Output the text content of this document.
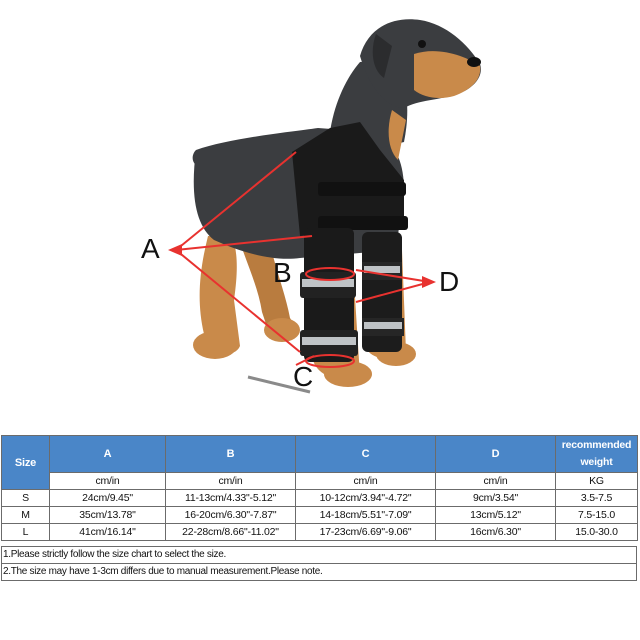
A
B
C
D
Size	A	B	C	D	recommended weight
	cm/in	cm/in	cm/in	cm/in	KG
S	24cm/9.45"	11-13cm/4.33"-5.12"	10-12cm/3.94"-4.72"	9cm/3.54"	3.5-7.5
M	35cm/13.78"	16-20cm/6.30"-7.87"	14-18cm/5.51"-7.09"	13cm/5.12"	7.5-15.0
L	41cm/16.14"	22-28cm/8.66"-11.02"	17-23cm/6.69"-9.06"	16cm/6.30"	15.0-30.0
1.Please strictly follow the size chart to select the size.
2.The size may have 1-3cm differs due to manual measurement.Please note.
